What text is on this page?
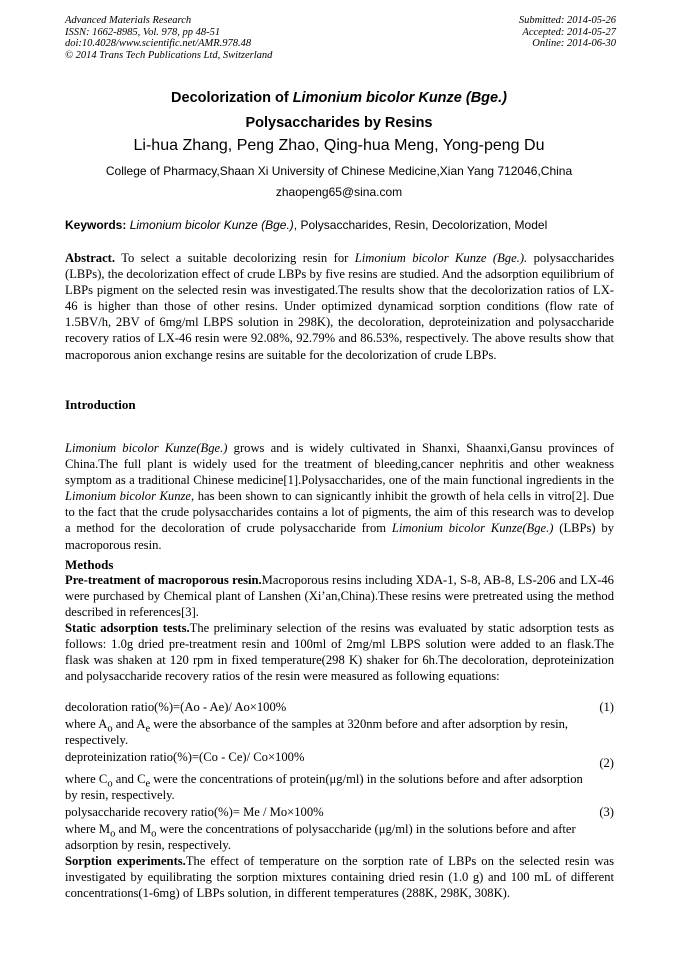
Advanced Materials Research
ISSN: 1662-8985, Vol. 978, pp 48-51
doi:10.4028/www.scientific.net/AMR.978.48
© 2014 Trans Tech Publications Ltd, Switzerland
Submitted: 2014-05-26
Accepted: 2014-05-27
Online: 2014-06-30
Decolorization of Limonium bicolor Kunze (Bge.)
Polysaccharides by Resins
Li-hua Zhang, Peng Zhao, Qing-hua Meng, Yong-peng Du
College of Pharmacy,Shaan Xi University of Chinese Medicine,Xian Yang 712046,China
zhaopeng65@sina.com
Keywords: Limonium bicolor Kunze (Bge.), Polysaccharides, Resin, Decolorization, Model
Abstract. To select a suitable decolorizing resin for Limonium bicolor Kunze (Bge.). polysaccharides (LBPs), the decolorization effect of crude LBPs by five resins are studied. And the adsorption equilibrium of LBPs pigment on the selected resin was investigated.The results show that the decolorization ratios of LX-46 is higher than those of other resins. Under optimized dynamicad sorption conditions (flow rate of 1.5BV/h, 2BV of 6mg/ml LBPS solution in 298K), the decoloration, deproteinization and polysaccharide recovery ratios of LX-46 resin were 92.08%, 92.79% and 86.53%, respectively. The above results show that macroporous anion exchange resins are suitable for the decolorization of crude LBPs.
Introduction
Limonium bicolor Kunze(Bge.) grows and is widely cultivated in Shanxi, Shaanxi,Gansu provinces of China.The full plant is widely used for the treatment of bleeding,cancer nephritis and other weakness symptom as a traditional Chinese medicine[1].Polysaccharides, one of the main functional ingredients in the Limonium bicolor Kunze, has been shown to can signicantly inhibit the growth of hela cells in vitro[2]. Due to the fact that the crude polysaccharides contains a lot of pigments, the aim of this research was to develop a method for the decoloration of crude polysaccharide from Limonium bicolor Kunze(Bge.) (LBPs) by macroporous resin.
Methods
Pre-treatment of macroporous resin.Macroporous resins including XDA-1, S-8, AB-8, LS-206 and LX-46 were purchased by Chemical plant of Lanshen (Xi’an,China).These resins were pretreated using the method described in references[3].
Static adsorption tests.The preliminary selection of the resins was evaluated by static adsorption tests as follows: 1.0g dried pre-treatment resin and 100ml of 2mg/ml LBPS solution were added to an flask.The flask was shaken at 120 rpm in fixed temperature(298 K) shaker for 6h.The decoloration, deproteinization and polysaccharide recovery ratios of the resin were measured as following equations:
decoloration ratio(%)=(Ao - Ae)/ Ao×100%	(1)
where $A_o$ and $A_e$ were the absorbance of the samples at 320nm before and after adsorption by resin,
respectively.
deproteinization ratio(%)=(Co - Ce)/ Co×100%	(2)
where $C_o$ and $C_e$ were the concentrations of protein(μg/ml) in the solutions before and after adsorption
by resin, respectively.
polysaccharide recovery ratio(%)= Me / Mo×100%	(3)
where $M_o$ and $M_o$ were the concentrations of polysaccharide (μg/ml) in the solutions before and after
adsorption by resin, respectively.
Sorption experiments.The effect of temperature on the sorption rate of LBPs on the selected resin was investigated by equilibrating the sorption mixtures containing dried resin (1.0 g) and 100 mL of different concentrations(1-6mg) of LBPs solution, in different temperatures (288K, 298K, 308K).
